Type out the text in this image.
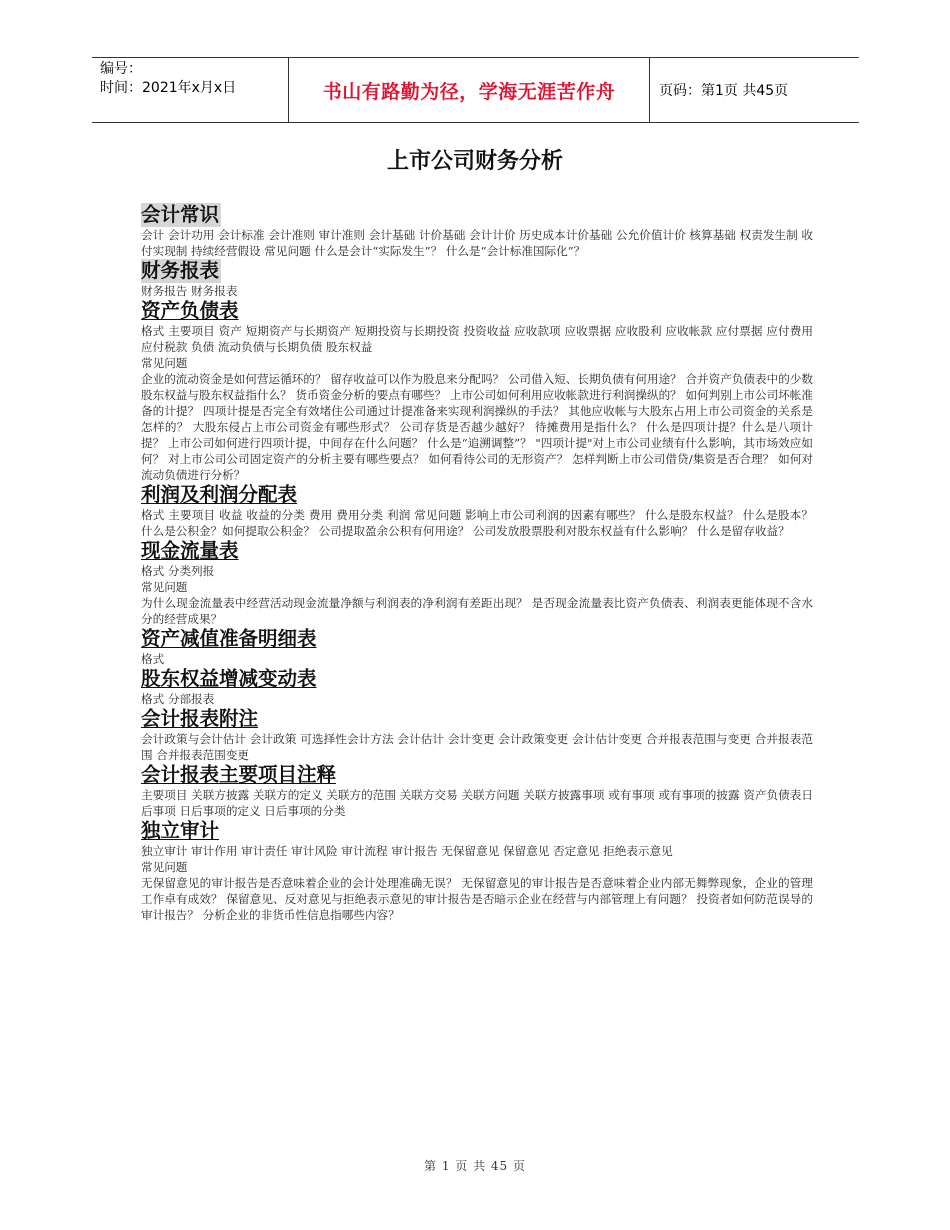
编号：
时间：2021年x月x日	书山有路勤为径，学海无涯苦作舟	页码：第1页 共45页
上市公司财务分析
会计常识

会计 会计功用 会计标准 会计准则 审计准则 会计基础 计价基础 会计计价 历史成本计价基础 公允价值计价 核算基础 权责发生制 收付实现制 持续经营假设 常见问题 什么是会计“实际发生”？ 什么是“会计标准国际化”？

财务报表

财务报告 财务报表

资产负债表

格式 主要项目 资产 短期资产与长期资产 短期投资与长期投资 投资收益 应收款项 应收票据 应收股利 应收帐款 应付票据 应付费用 应付税款 负债 流动负债与长期负债 股东权益

常见问题

企业的流动资金是如何营运循环的？ 留存收益可以作为股息来分配吗？ 公司借入短、长期负债有何用途？ 合并资产负债表中的少数股东权益与股东权益指什么？ 货币资金分析的要点有哪些？ 上市公司如何利用应收帐款进行利润操纵的？ 如何判别上市公司坏帐准备的计提？ 四项计提是否完全有效堵住公司通过计提准备来实现利润操纵的手法？ 其他应收帐与大股东占用上市公司资金的关系是怎样的？ 大股东侵占上市公司资金有哪些形式？ 公司存货是否越少越好？ 待摊费用是指什么？ 什么是四项计提？什么是八项计提？ 上市公司如何进行四项计提，中间存在什么问题？ 什么是“追溯调整”？ "四项计提"对上市公司业绩有什么影响，其市场效应如何？ 对上市公司公司固定资产的分析主要有哪些要点？ 如何看待公司的无形资产？ 怎样判断上市公司借贷/集资是否合理？ 如何对流动负债进行分析？

利润及利润分配表

格式 主要项目 收益 收益的分类 费用 费用分类 利润 常见问题 影响上市公司利润的因素有哪些？ 什么是股东权益？ 什么是股本？ 什么是公积金？如何提取公积金？ 公司提取盈余公积有何用途？ 公司发放股票股利对股东权益有什么影响？ 什么是留存收益？

现金流量表

格式 分类列报

常见问题

为什么现金流量表中经营活动现金流量净额与利润表的净利润有差距出现？ 是否现金流量表比资产负债表、利润表更能体现不含水分的经营成果？

资产减值准备明细表

格式

股东权益增减变动表

格式 分部报表

会计报表附注

会计政策与会计估计 会计政策 可选择性会计方法 会计估计 会计变更 会计政策变更 会计估计变更 合并报表范围与变更 合并报表范围 合并报表范围变更

会计报表主要项目注释

主要项目 关联方披露 关联方的定义 关联方的范围 关联方交易 关联方问题 关联方披露事项 或有事项 或有事项的披露 资产负债表日后事项 日后事项的定义 日后事项的分类

独立审计

独立审计 审计作用 审计责任 审计风险 审计流程 审计报告 无保留意见 保留意见 否定意见 拒绝表示意见

常见问题

无保留意见的审计报告是否意味着企业的会计处理准确无误？ 无保留意见的审计报告是否意味着企业内部无舞弊现象，企业的管理工作卓有成效？ 保留意见、反对意见与拒绝表示意见的审计报告是否暗示企业在经营与内部管理上有问题？ 投资者如何防范误导的审计报告？ 分析企业的非货币性信息指哪些内容？

第 1 页 共 45 页
